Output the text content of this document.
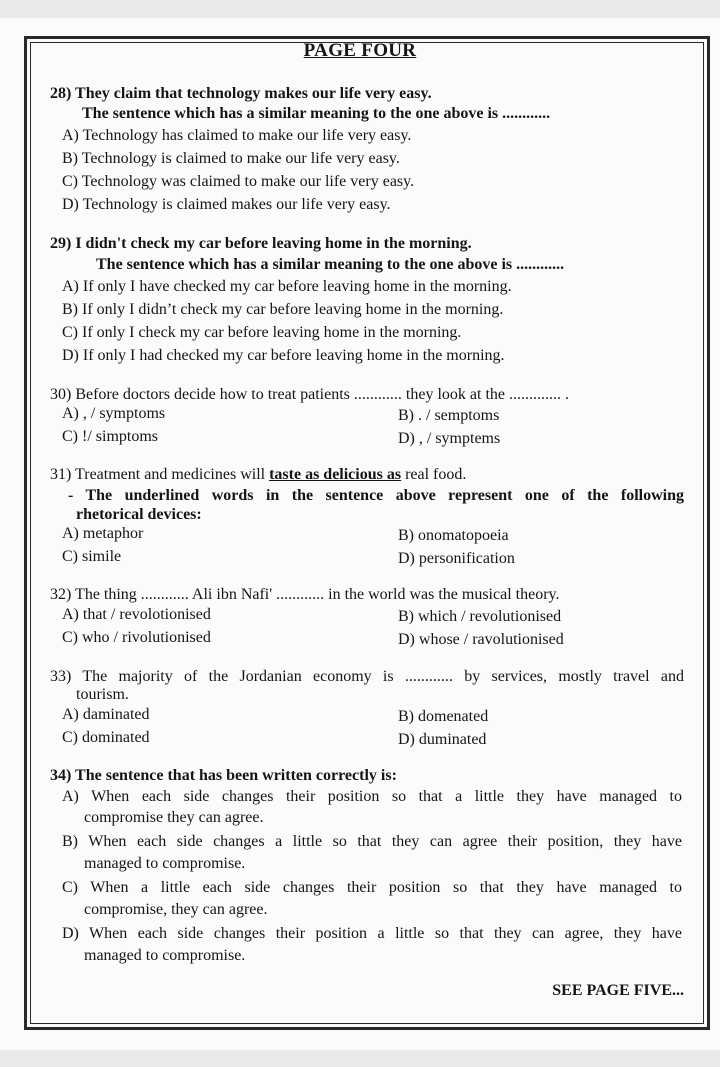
PAGE FOUR
28) They claim that technology makes our life very easy.
The sentence which has a similar meaning to the one above is ............
A) Technology has claimed to make our life very easy.
B) Technology is claimed to make our life very easy.
C) Technology was claimed to make our life very easy.
D) Technology is claimed makes our life very easy.
29) I didn't check my car before leaving home in the morning.
The sentence which has a similar meaning to the one above is ............
A) If only I have checked my car before leaving home in the morning.
B) If only I didn’t check my car before leaving home in the morning.
C) If only I check my car before leaving home in the morning.
D) If only I had checked my car before leaving home in the morning.
30) Before doctors decide how to treat patients ............ they look at the ............. .
A) , / symptoms	B) . / semptoms
C) !/ simptoms	D) , / symptems
31) Treatment and medicines will taste as delicious as real food.
- The underlined words in the sentence above represent one of the following
rhetorical devices:
A) metaphor	B) onomatopoeia
C) simile	D) personification
32) The thing ............ Ali ibn Nafi' ............ in the world was the musical theory.
A) that / revolotionised	B) which / revolutionised
C) who / rivolutionised	D) whose / ravolutionised
33) The majority of the Jordanian economy is ............ by services, mostly travel and
tourism.
A) daminated	B) domenated
C) dominated	D) duminated
34) The sentence that has been written correctly is:
A) When each side changes their position so that a little they have managed to
compromise they can agree.
B) When each side changes a little so that they can agree their position, they have
managed to compromise.
C) When a little each side changes their position so that they have managed to
compromise, they can agree.
D) When each side changes their position a little so that they can agree, they have
managed to compromise.
SEE PAGE FIVE...
